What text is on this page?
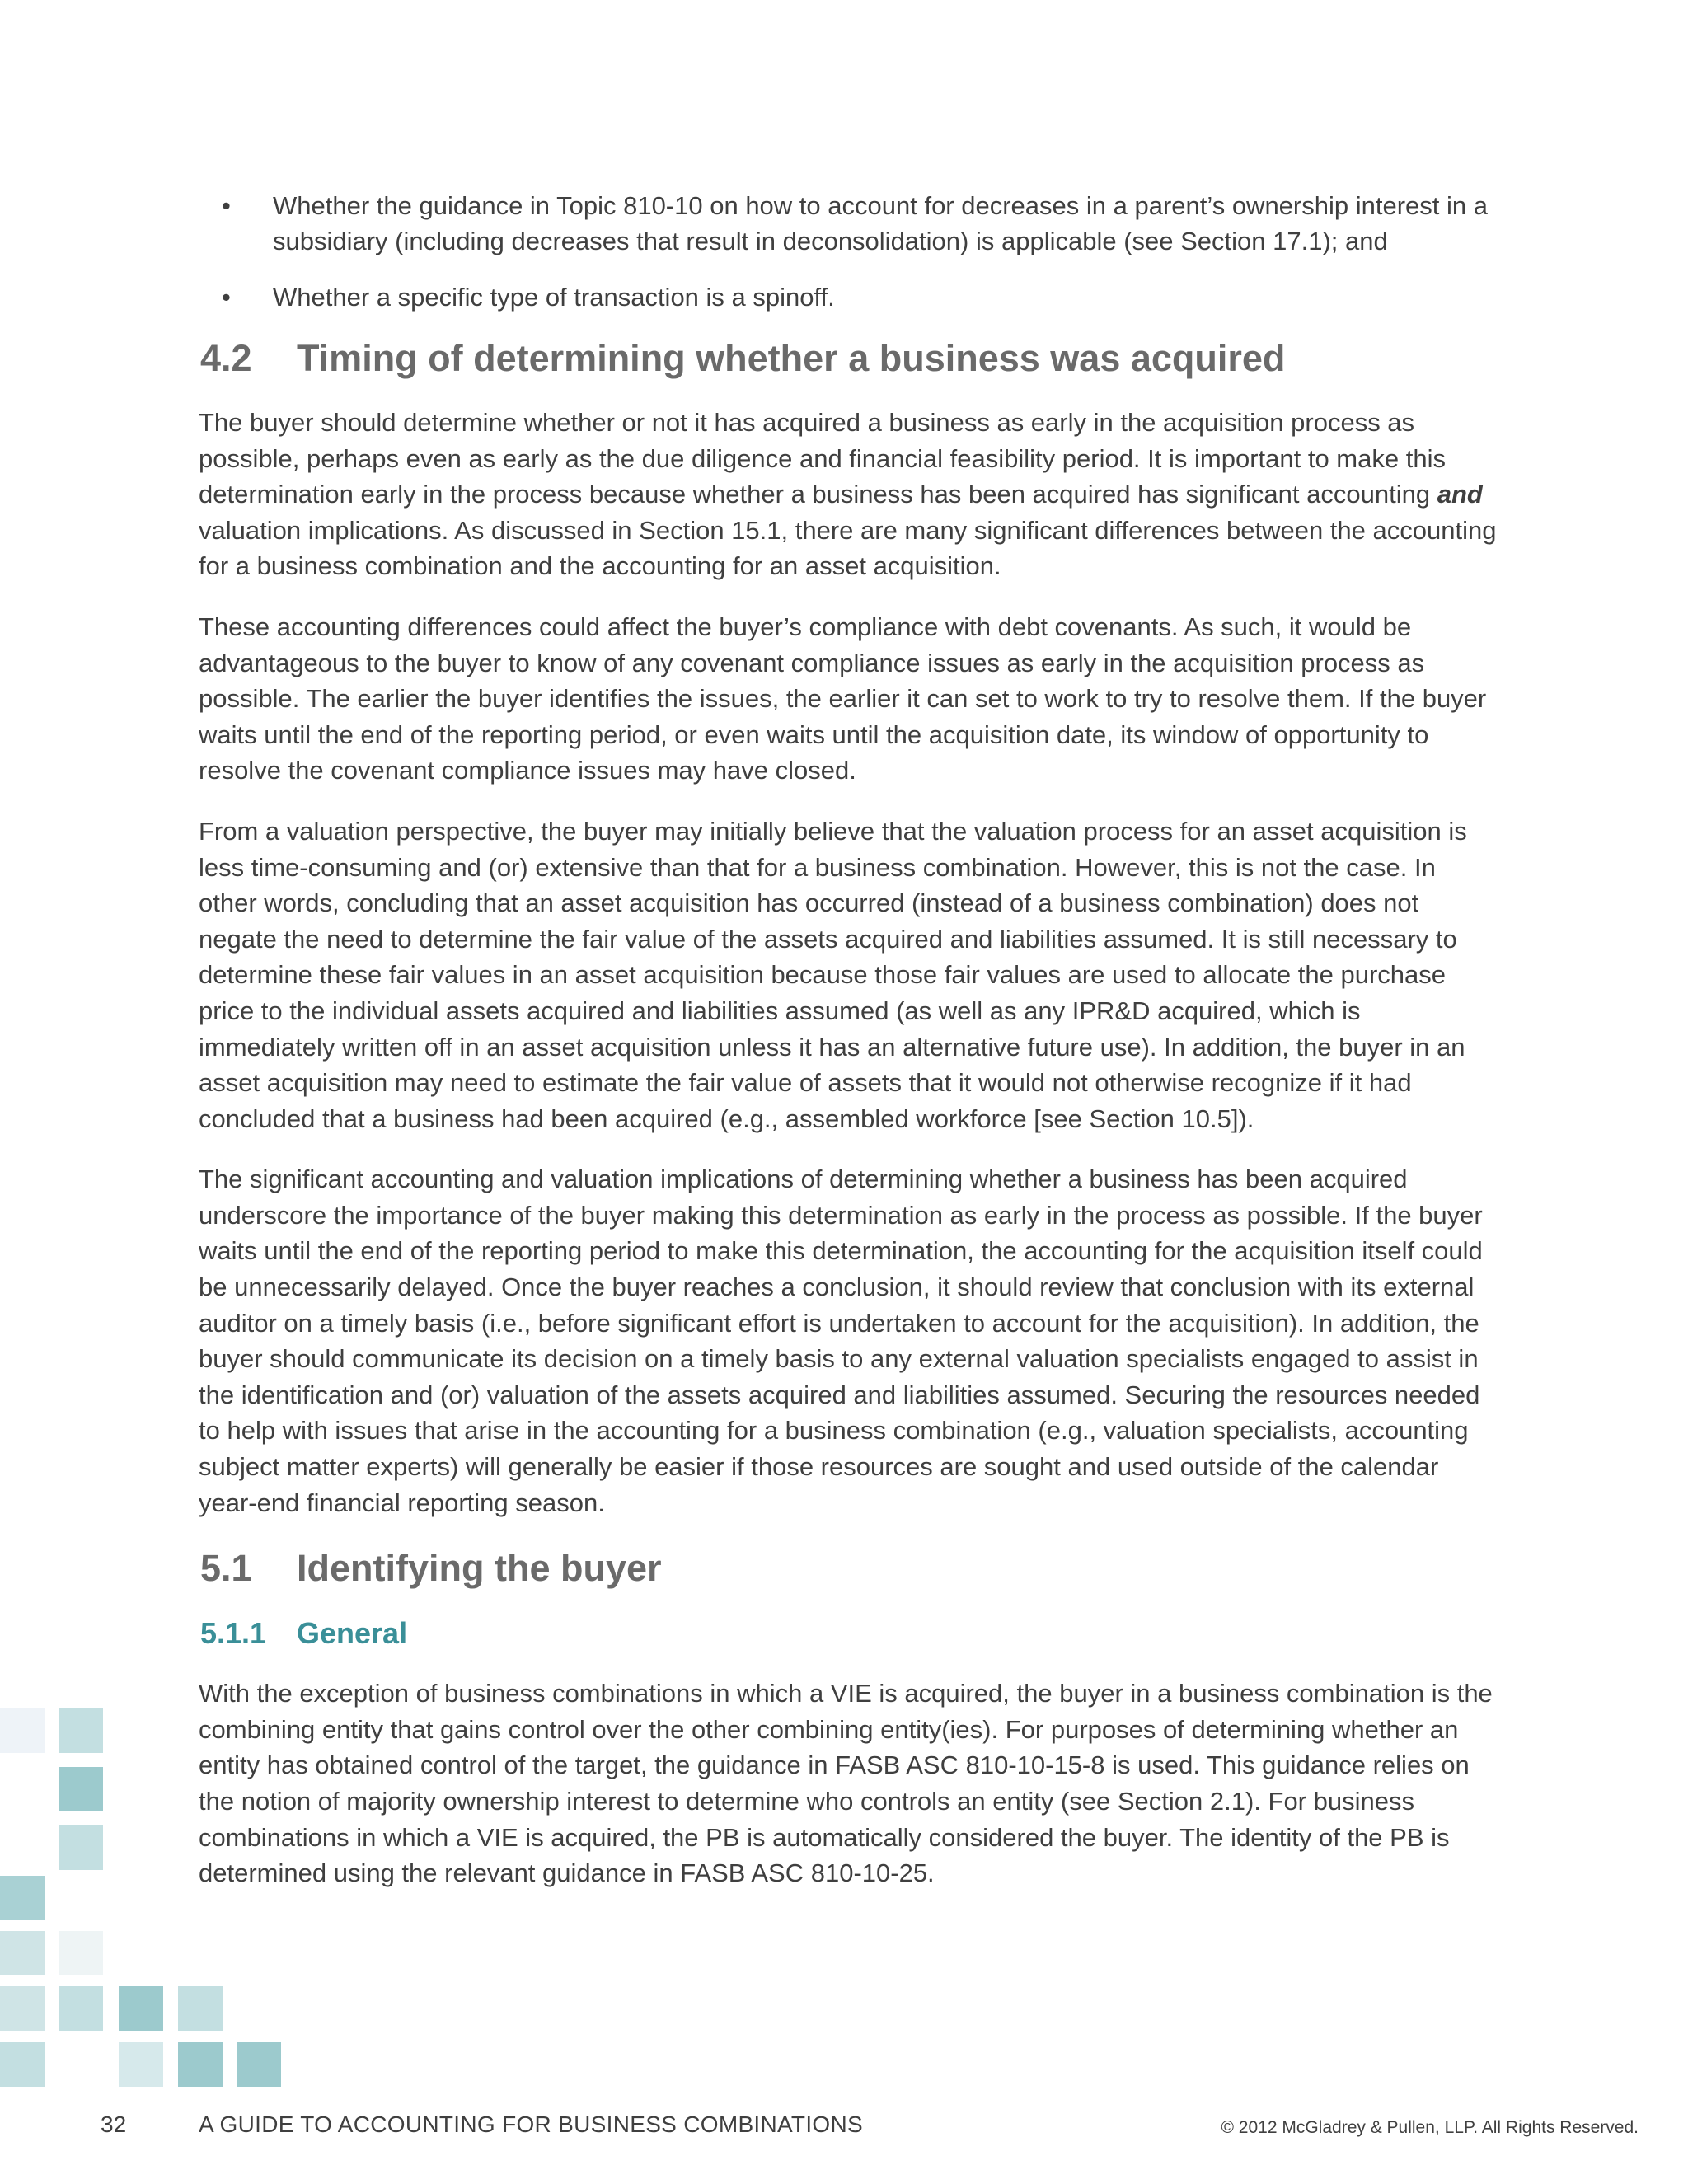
• Whether the guidance in Topic 810-10 on how to account for decreases in a parent’s ownership interest in a subsidiary (including decreases that result in deconsolidation) is applicable (see Section 17.1); and
• Whether a specific type of transaction is a spinoff.
4.2 Timing of determining whether a business was acquired

The buyer should determine whether or not it has acquired a business as early in the acquisition process as possible, perhaps even as early as the due diligence and financial feasibility period. It is important to make this determination early in the process because whether a business has been acquired has significant accounting and valuation implications. As discussed in Section 15.1, there are many significant differences between the accounting for a business combination and the accounting for an asset acquisition.

These accounting differences could affect the buyer’s compliance with debt covenants. As such, it would be advantageous to the buyer to know of any covenant compliance issues as early in the acquisition process as possible. The earlier the buyer identifies the issues, the earlier it can set to work to try to resolve them. If the buyer waits until the end of the reporting period, or even waits until the acquisition date, its window of opportunity to resolve the covenant compliance issues may have closed.

From a valuation perspective, the buyer may initially believe that the valuation process for an asset acquisition is less time-consuming and (or) extensive than that for a business combination. However, this is not the case. In other words, concluding that an asset acquisition has occurred (instead of a business combination) does not negate the need to determine the fair value of the assets acquired and liabilities assumed. It is still necessary to determine these fair values in an asset acquisition because those fair values are used to allocate the purchase price to the individual assets acquired and liabilities assumed (as well as any IPR&D acquired, which is immediately written off in an asset acquisition unless it has an alternative future use). In addition, the buyer in an asset acquisition may need to estimate the fair value of assets that it would not otherwise recognize if it had concluded that a business had been acquired (e.g., assembled workforce [see Section 10.5]).

The significant accounting and valuation implications of determining whether a business has been acquired underscore the importance of the buyer making this determination as early in the process as possible. If the buyer waits until the end of the reporting period to make this determination, the accounting for the acquisition itself could be unnecessarily delayed. Once the buyer reaches a conclusion, it should review that conclusion with its external auditor on a timely basis (i.e., before significant effort is undertaken to account for the acquisition). In addition, the buyer should communicate its decision on a timely basis to any external valuation specialists engaged to assist in the identification and (or) valuation of the assets acquired and liabilities assumed. Securing the resources needed to help with issues that arise in the accounting for a business combination (e.g., valuation specialists, accounting subject matter experts) will generally be easier if those resources are sought and used outside of the calendar year-end financial reporting season.

5.1 Identifying the buyer
5.1.1 General

With the exception of business combinations in which a VIE is acquired, the buyer in a business combination is the combining entity that gains control over the other combining entity(ies). For purposes of determining whether an entity has obtained control of the target, the guidance in FASB ASC 810-10-15-8 is used. This guidance relies on the notion of majority ownership interest to determine who controls an entity (see Section 2.1). For business combinations in which a VIE is acquired, the PB is automatically considered the buyer. The identity of the PB is determined using the relevant guidance in FASB ASC 810-10-25.

32	A GUIDE TO ACCOUNTING FOR BUSINESS COMBINATIONS	© 2012 McGladrey & Pullen, LLP. All Rights Reserved.
